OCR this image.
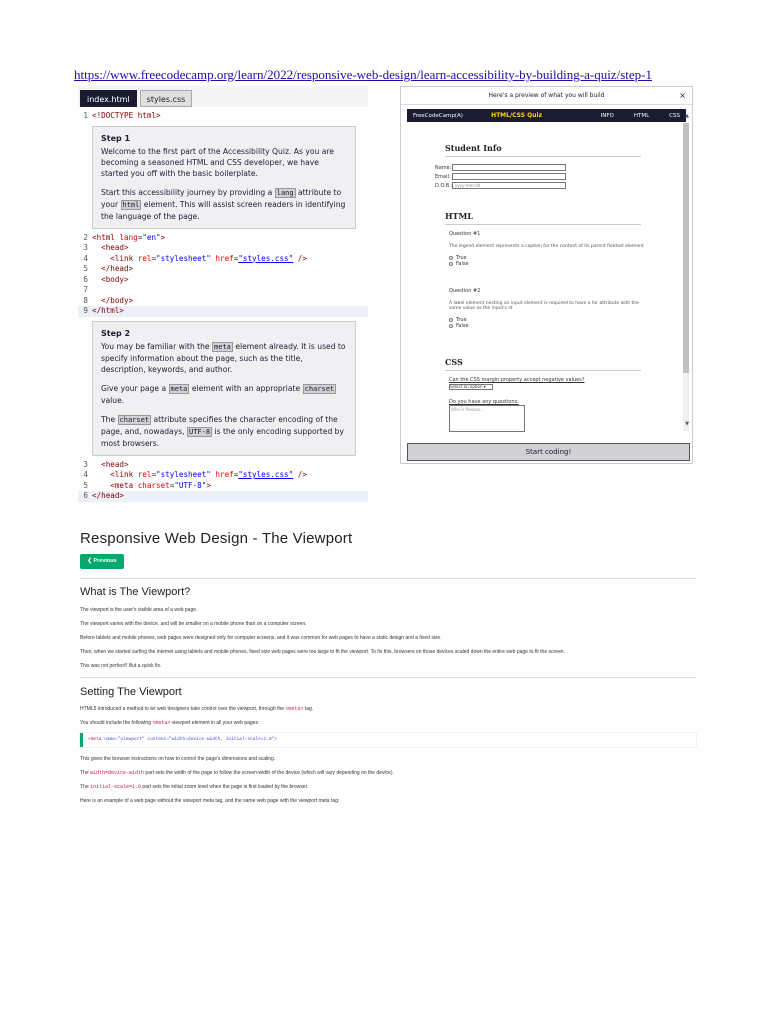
https://www.freecodecamp.org/learn/2022/responsive-web-design/learn-accessibility-by-building-a-quiz/step-1
index.html	styles.css
1 <!DOCTYPE html>
Step 1

Welcome to the first part of the Accessibility Quiz. As you are becoming a seasoned HTML and CSS developer, we have started you off with the basic boilerplate.

Start this accessibility journey by providing a lang attribute to your html element. This will assist screen readers in identifying the language of the page.

2 <html lang = "en" >
3 <head>
4 <link rel = "stylesheet" href = "styles.css" />
5 </head>
6 <body>
7
8 </body>
9 </html>
Step 2

You may be familiar with the meta element already. It is used to specify information about the page, such as the title, description, keywords, and author.

Give your page a meta element with an appropriate charset value.

The charset attribute specifies the character encoding of the page, and, nowadays, UTF-8 is the only encoding supported by most browsers.

3 <head>
4 <link rel = "stylesheet" href = "styles.css" />
5 <meta charset = "UTF-8" >
6 </head>
Here's a preview of what you will build	×
FreeCodeCamp(A)	HTML/CSS Quiz	INFO	HTML	CSS
Student Info
Name:
Email:
D.O.B.: yyyy-mm-dd
HTML
Question #1
The legend element represents a caption for the content of its parent fieldset element
True
False
Question #2
A label element nesting an input element is required to have a for attribute with the same value as the input's id
True
False
CSS
Can the CSS margin property accept negative values?
Select an option ▾
Do you have any questions:
Who is flexbox...
▲
▼
Start coding!
Responsive Web Design - The Viewport
❮ Previous
What is The Viewport?

The viewport is the user's visible area of a web page.

The viewport varies with the device, and will be smaller on a mobile phone than on a computer screen.

Before tablets and mobile phones, web pages were designed only for computer screens, and it was common for web pages to have a static design and a fixed size.

Then, when we started surfing the internet using tablets and mobile phones, fixed size web pages were too large to fit the viewport. To fix this, browsers on those devices scaled down the entire web page to fit the screen.

This was not perfect!! But a quick fix.

Setting The Viewport

HTML5 introduced a method to let web designers take control over the viewport, through the <meta> tag.

You should include the following <meta> viewport element in all your web pages:

<meta name="viewport" content="width=device-width, initial-scale=1.0">

This gives the browser instructions on how to control the page's dimensions and scaling.

The width=device-width part sets the width of the page to follow the screen-width of the device (which will vary depending on the device).

The initial-scale=1.0 part sets the initial zoom level when the page is first loaded by the browser.

Here is an example of a web page without the viewport meta tag, and the same web page with the viewport meta tag:
